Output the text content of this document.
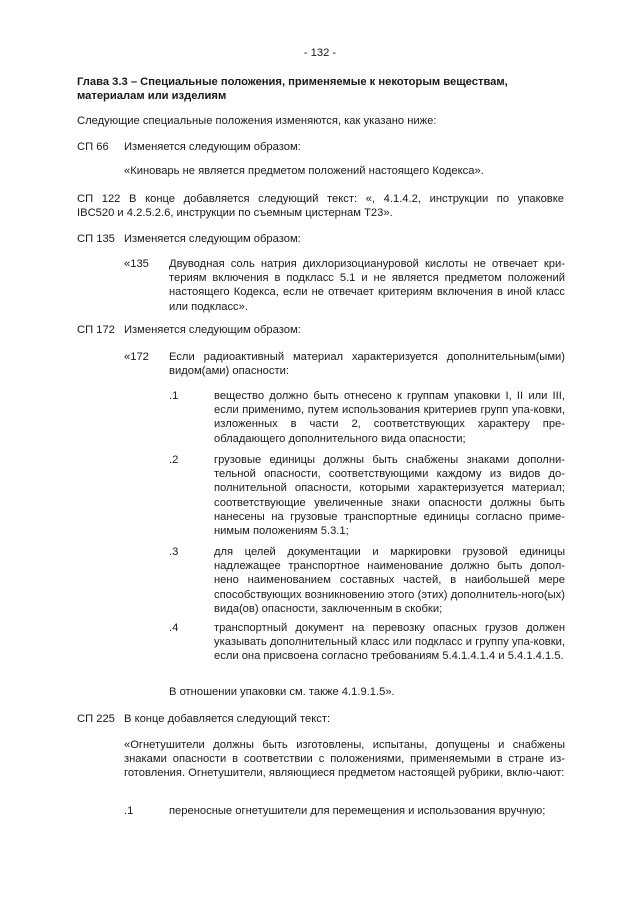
- 132 -

Глава 3.3 – Специальные положения, применяемые к некоторым веществам,

материалам или изделиям

Следующие специальные положения изменяются, как указано ниже:

СП 66 Изменяется следующим образом:

«Киноварь не является предметом положений настоящего Кодекса».

СП 122 В конце добавляется следующий текст: «, 4.1.4.2, инструкции по упаковке

IBC520 и 4.2.5.2.6, инструкции по съемным цистернам T23».

СП 135 Изменяется следующим образом:

«135 Двуводная соль натрия дихлоризоциануровой кислоты не отвечает кри-териям включения в подкласс 5.1 и не является предметом положений настоящего Кодекса, если не отвечает критериям включения в иной класс или подкласс».

СП 172 Изменяется следующим образом:

«172 Если радиоактивный материал характеризуется дополнительным(ыми) видом(ами) опасности:

.1	вещество должно быть отнесено к группам упаковки I, II или III, если применимо, путем использования критериев групп упа-ковки, изложенных в части 2, соответствующих характеру пре-обладающего дополнительного вида опасности;

.2	грузовые единицы должны быть снабжены знаками дополни-тельной опасности, соответствующими каждому из видов до-полнительной опасности, которыми характеризуется материал; соответствующие увеличенные знаки опасности должны быть нанесены на грузовые транспортные единицы согласно приме-нимым положениям 5.3.1;

.3	для целей документации и маркировки грузовой единицы надлежащее транспортное наименование должно быть допол-нено наименованием составных частей, в наибольшей мере способствующих возникновению этого (этих) дополнитель-ного(ых) вида(ов) опасности, заключенным в скобки;

.4	транспортный документ на перевозку опасных грузов должен указывать дополнительный класс или подкласс и группу упа-ковки, если она присвоена согласно требованиям 5.4.1.4.1.4 и 5.4.1.4.1.5.

В отношении упаковки см. также 4.1.9.1.5».

СП 225 В конце добавляется следующий текст:

«Огнетушители должны быть изготовлены, испытаны, допущены и снабжены знаками опасности в соответствии с положениями, применяемыми в стране из-готовления. Огнетушители, являющиеся предметом настоящей рубрики, вклю-чают:

.1	переносные огнетушители для перемещения и использования вручную;
